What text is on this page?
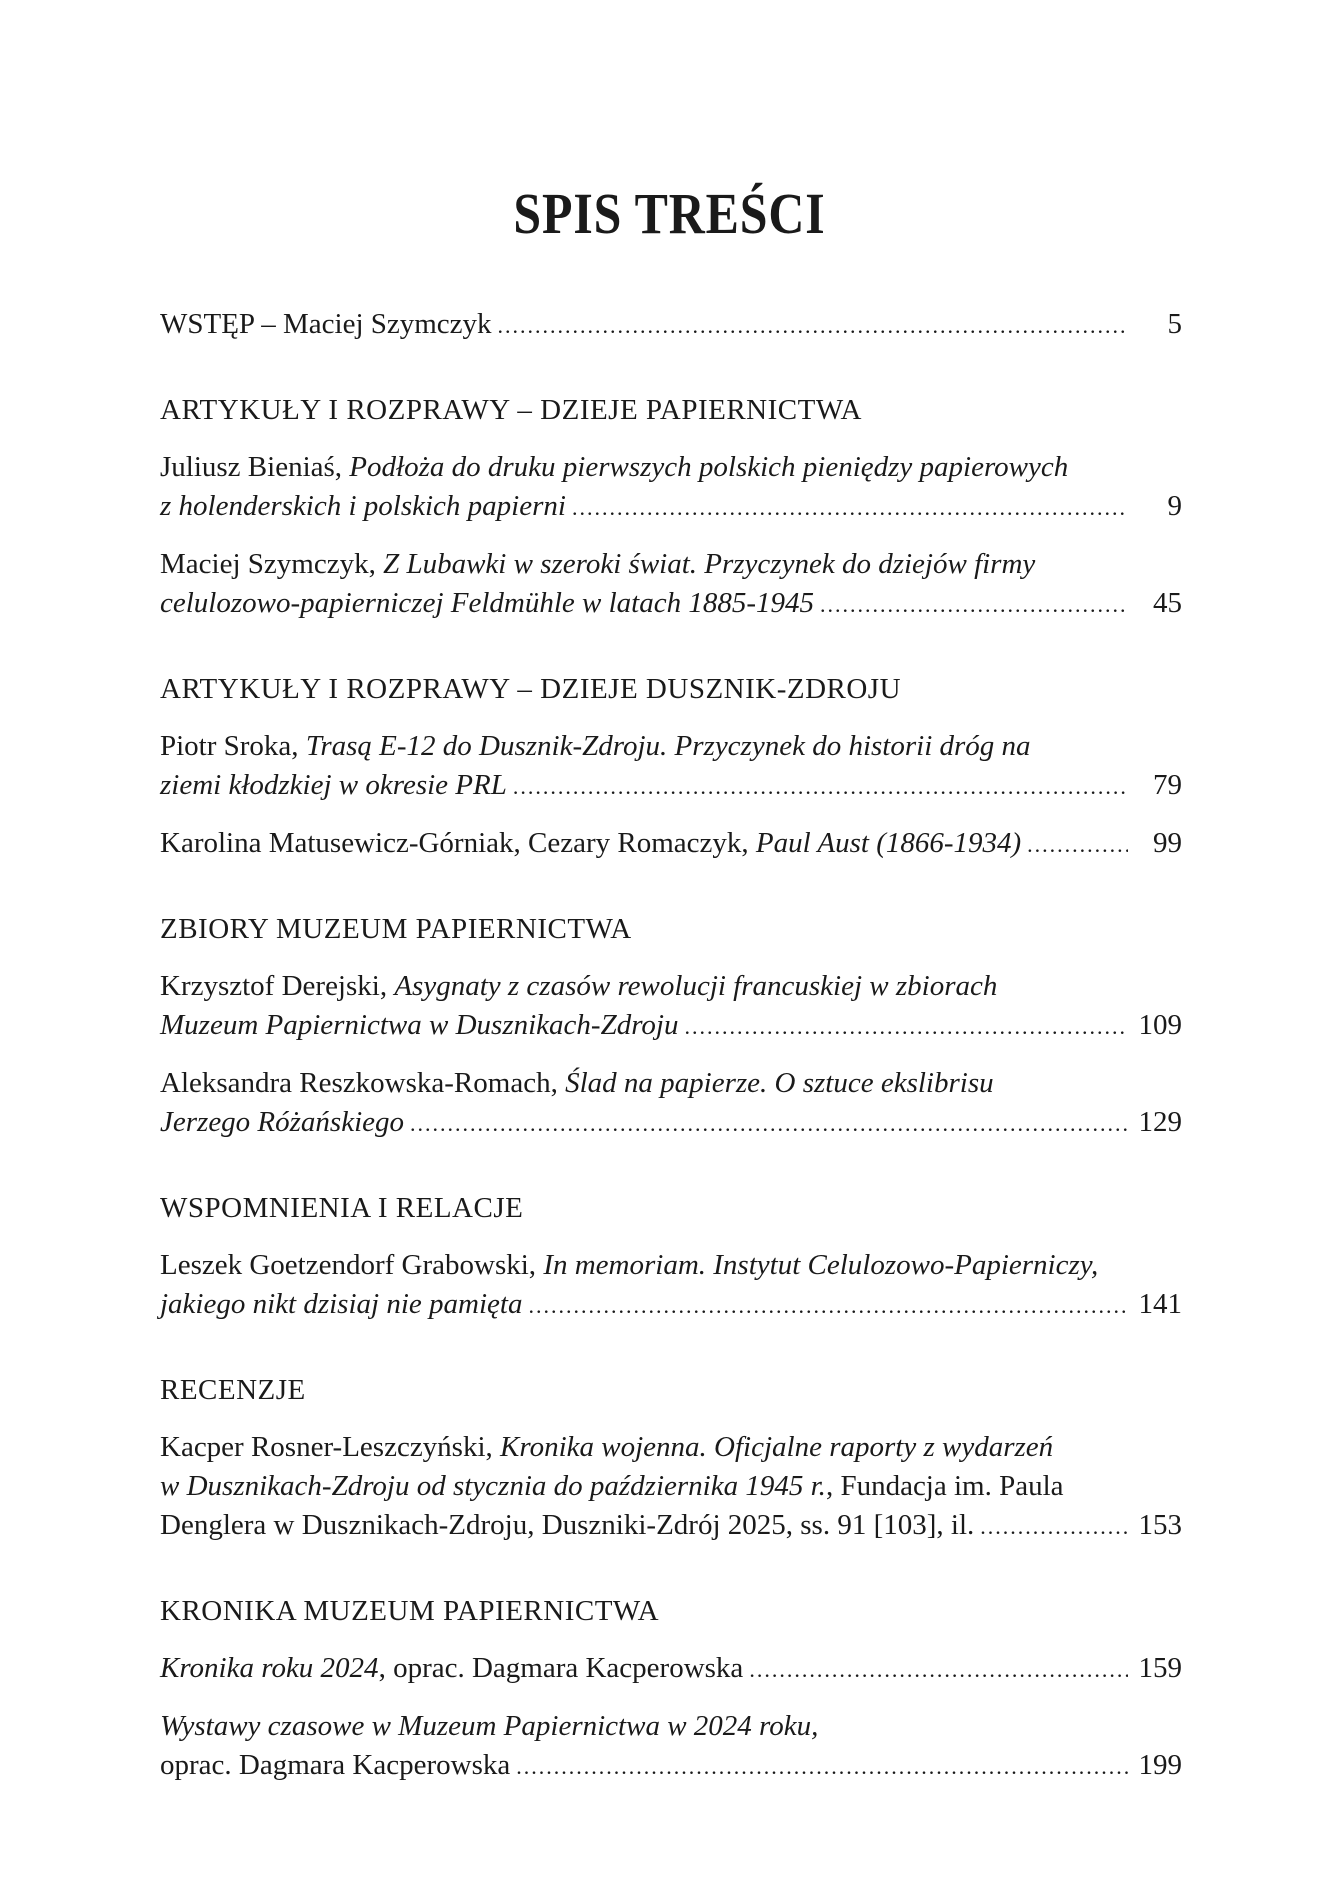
SPIS TREŚCI
WSTĘP – Maciej Szymczyk .....	5
ARTYKUŁY I ROZPRAWY – DZIEJE PAPIERNICTWA
Juliusz Bieniaś, Podłoża do druku pierwszych polskich pieniędzy papierowych
z holenderskich i polskich papierni .....	9
Maciej Szymczyk, Z Lubawki w szeroki świat. Przyczynek do dziejów firmy
celulozowo-papierniczej Feldmühle w latach 1885-1945 .....	45
ARTYKUŁY I ROZPRAWY – DZIEJE DUSZNIK-ZDROJU
Piotr Sroka, Trasą E-12 do Dusznik-Zdroju. Przyczynek do historii dróg na
ziemi kłodzkiej w okresie PRL .....	79
Karolina Matusewicz-Górniak, Cezary Romaczyk, Paul Aust (1866-1934) .....	99
ZBIORY MUZEUM PAPIERNICTWA
Krzysztof Derejski, Asygnaty z czasów rewolucji francuskiej w zbiorach
Muzeum Papiernictwa w Dusznikach-Zdroju .....	109
Aleksandra Reszkowska-Romach, Ślad na papierze. O sztuce ekslibrisu
Jerzego Różańskiego .....	129
WSPOMNIENIA I RELACJE
Leszek Goetzendorf Grabowski, In memoriam. Instytut Celulozowo-Papierniczy,
jakiego nikt dzisiaj nie pamięta .....	141
RECENZJE
Kacper Rosner-Leszczyński, Kronika wojenna. Oficjalne raporty z wydarzeń
w Dusznikach-Zdroju od stycznia do października 1945 r., Fundacja im. Paula
Denglera w Dusznikach-Zdroju, Duszniki-Zdrój 2025, ss. 91 [103], il. .....	153
KRONIKA MUZEUM PAPIERNICTWA
Kronika roku 2024, oprac. Dagmara Kacperowska .....	159
Wystawy czasowe w Muzeum Papiernictwa w 2024 roku,
oprac. Dagmara Kacperowska .....	199
